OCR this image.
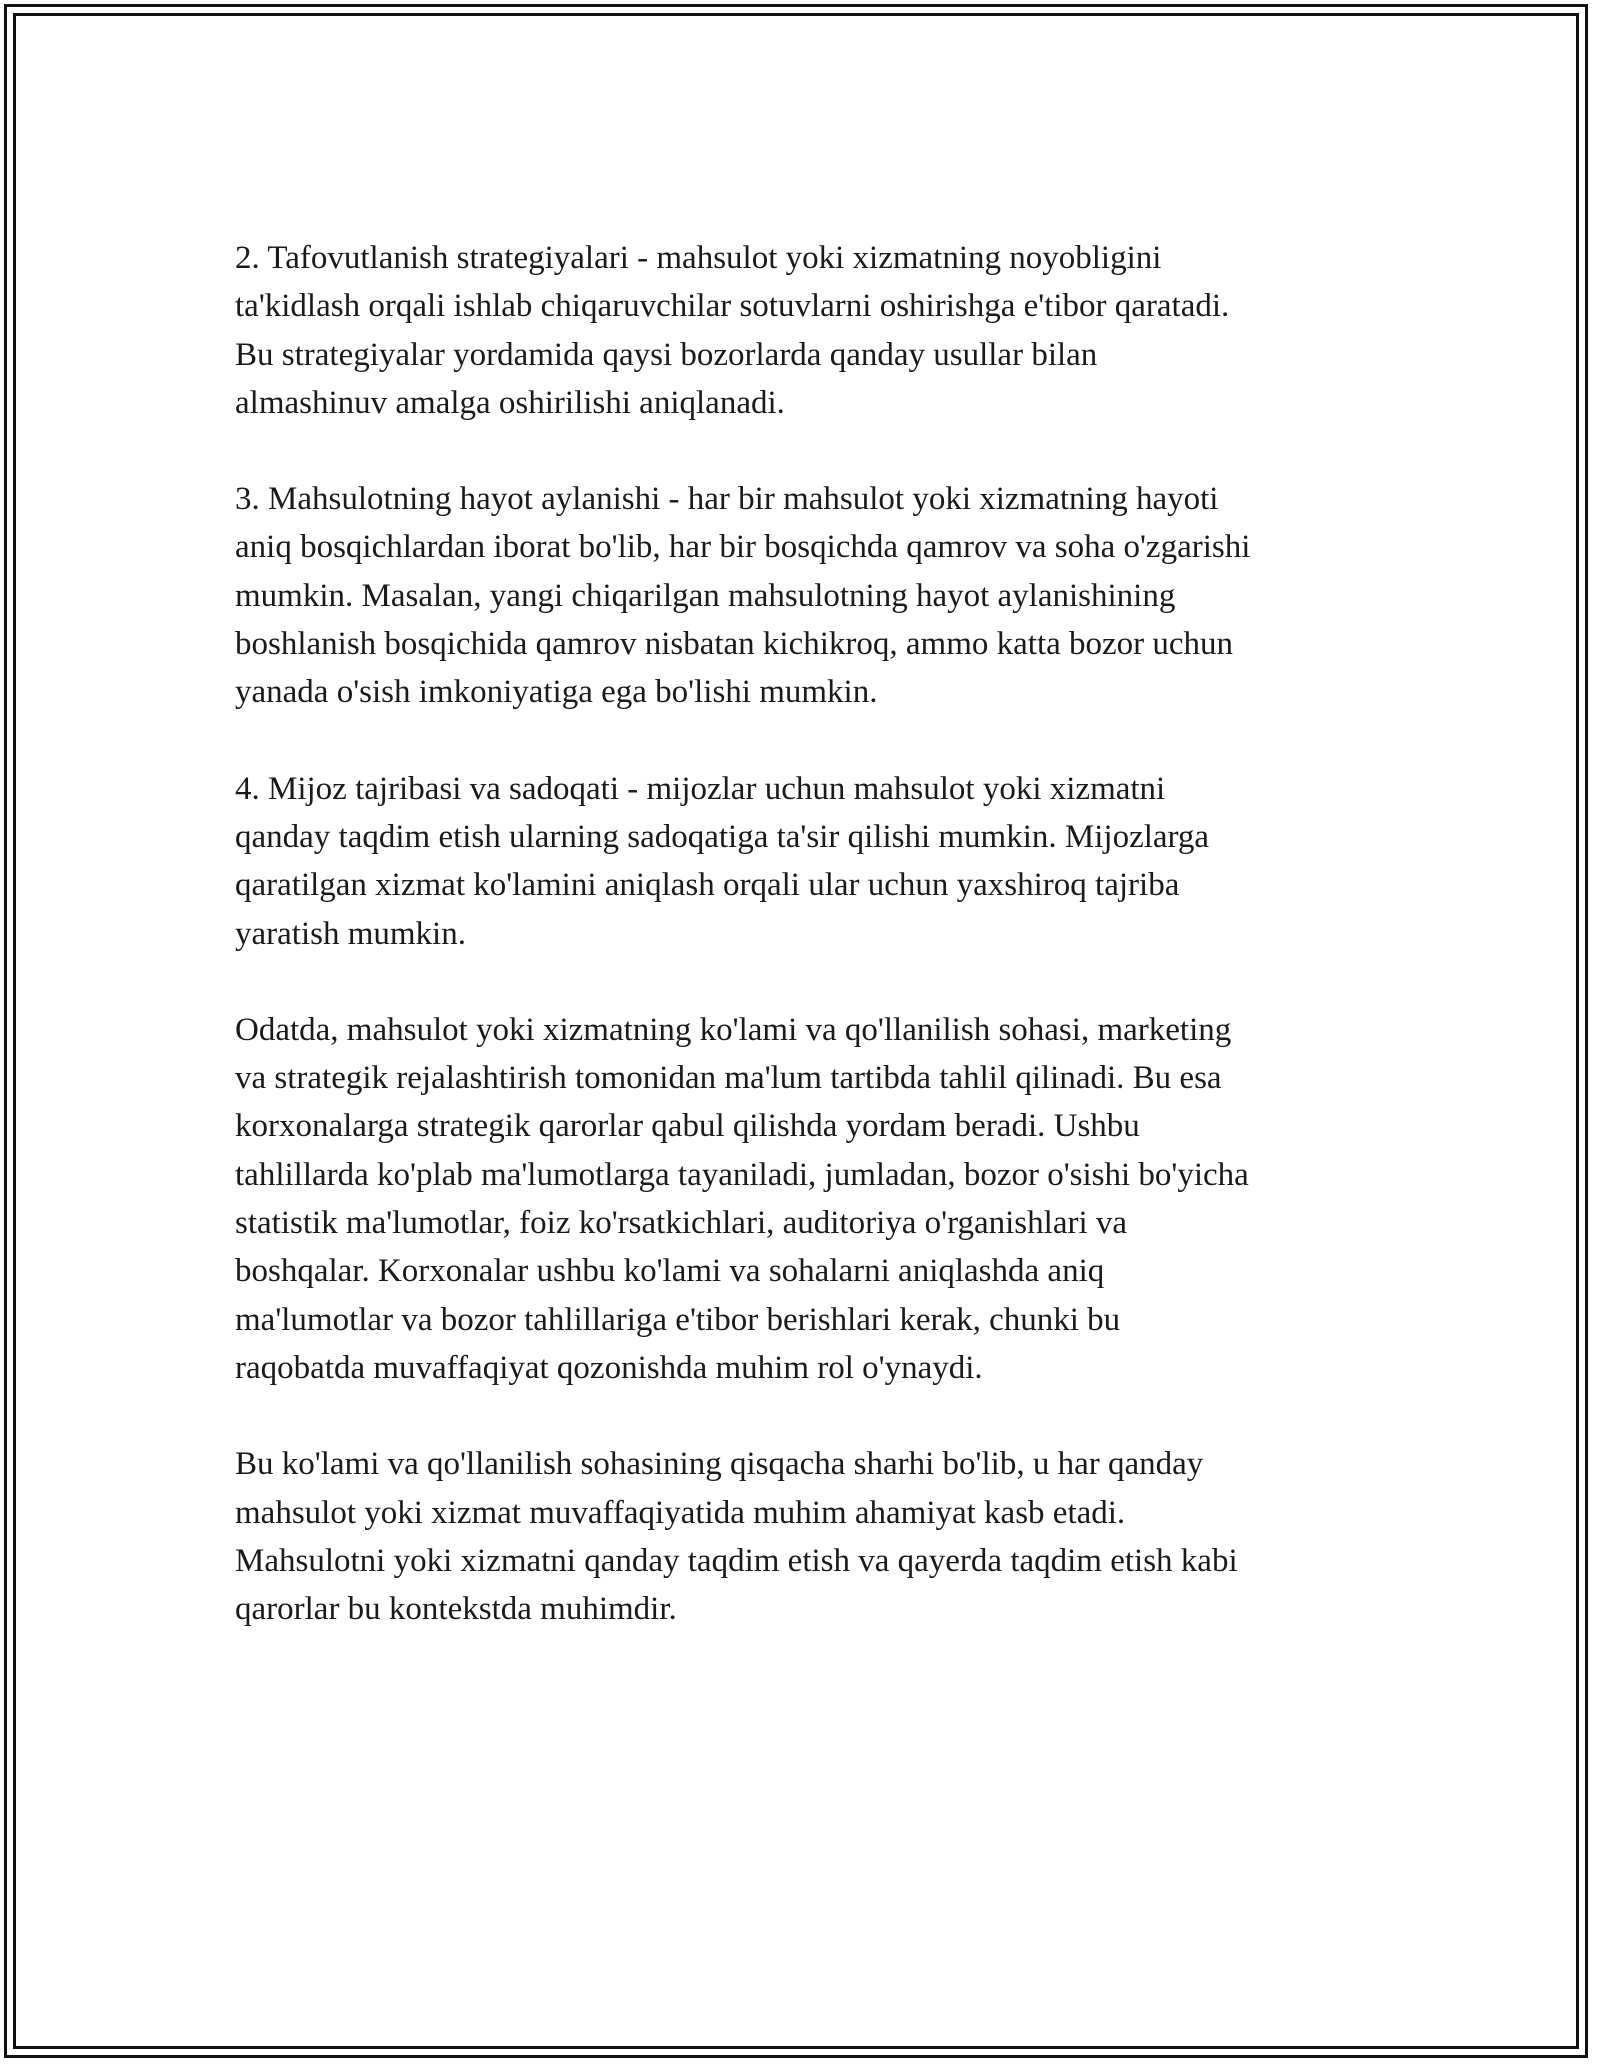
2. Tafovutlanish strategiyalari - mahsulot yoki xizmatning noyobligini
ta'kidlash orqali ishlab chiqaruvchilar sotuvlarni oshirishga e'tibor qaratadi.
Bu strategiyalar yordamida qaysi bozorlarda qanday usullar bilan
almashinuv amalga oshirilishi aniqlanadi.

3. Mahsulotning hayot aylanishi - har bir mahsulot yoki xizmatning hayoti
aniq bosqichlardan iborat bo'lib, har bir bosqichda qamrov va soha o'zgarishi
mumkin. Masalan, yangi chiqarilgan mahsulotning hayot aylanishining
boshlanish bosqichida qamrov nisbatan kichikroq, ammo katta bozor uchun
yanada o'sish imkoniyatiga ega bo'lishi mumkin.

4. Mijoz tajribasi va sadoqati - mijozlar uchun mahsulot yoki xizmatni
qanday taqdim etish ularning sadoqatiga ta'sir qilishi mumkin. Mijozlarga
qaratilgan xizmat ko'lamini aniqlash orqali ular uchun yaxshiroq tajriba
yaratish mumkin.

Odatda, mahsulot yoki xizmatning ko'lami va qo'llanilish sohasi, marketing
va strategik rejalashtirish tomonidan ma'lum tartibda tahlil qilinadi. Bu esa
korxonalarga strategik qarorlar qabul qilishda yordam beradi. Ushbu
tahlillarda ko'plab ma'lumotlarga tayaniladi, jumladan, bozor o'sishi bo'yicha
statistik ma'lumotlar, foiz ko'rsatkichlari, auditoriya o'rganishlari va
boshqalar. Korxonalar ushbu ko'lami va sohalarni aniqlashda aniq
ma'lumotlar va bozor tahlillariga e'tibor berishlari kerak, chunki bu
raqobatda muvaffaqiyat qozonishda muhim rol o'ynaydi.

Bu ko'lami va qo'llanilish sohasining qisqacha sharhi bo'lib, u har qanday
mahsulot yoki xizmat muvaffaqiyatida muhim ahamiyat kasb etadi.
Mahsulotni yoki xizmatni qanday taqdim etish va qayerda taqdim etish kabi
qarorlar bu kontekstda muhimdir.
